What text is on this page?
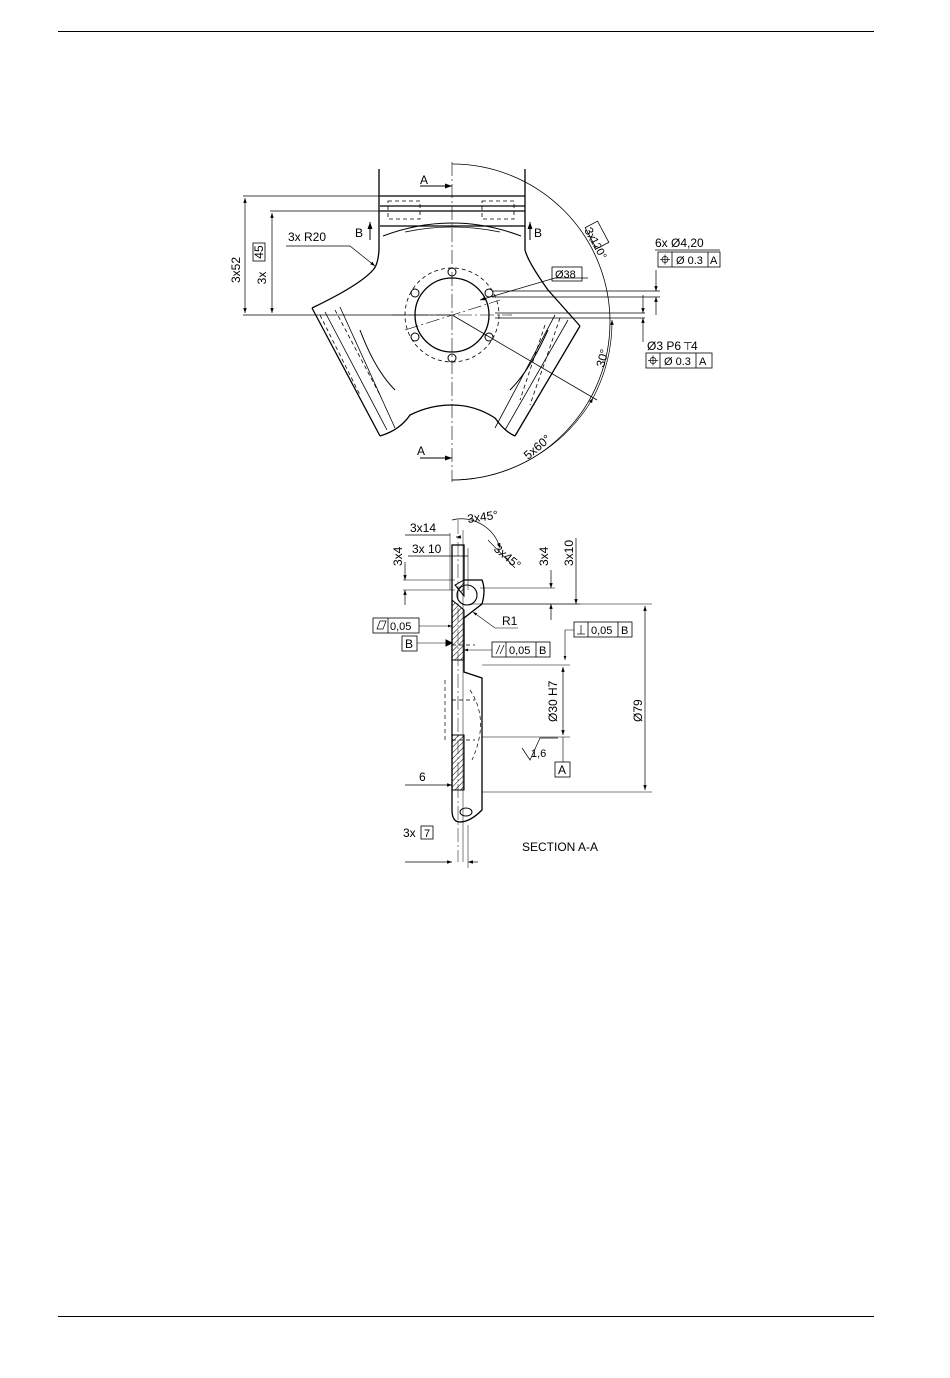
A
A
B	B
3x52 3x
45
3x R20	3x
120°
30°
5x60°
Ø38
6x Ø4,20
Ø 0.3 A
Ø3 P6 ⊤
4
Ø 0.3 A
3x45°
3x14
3x 10	3x45°
3x4	3x4 3x10
0,05
B
R1
0,05 B
0,05 B
Ø30 H7	Ø79
1,6
A
6
3x 7
SECTION A-A
